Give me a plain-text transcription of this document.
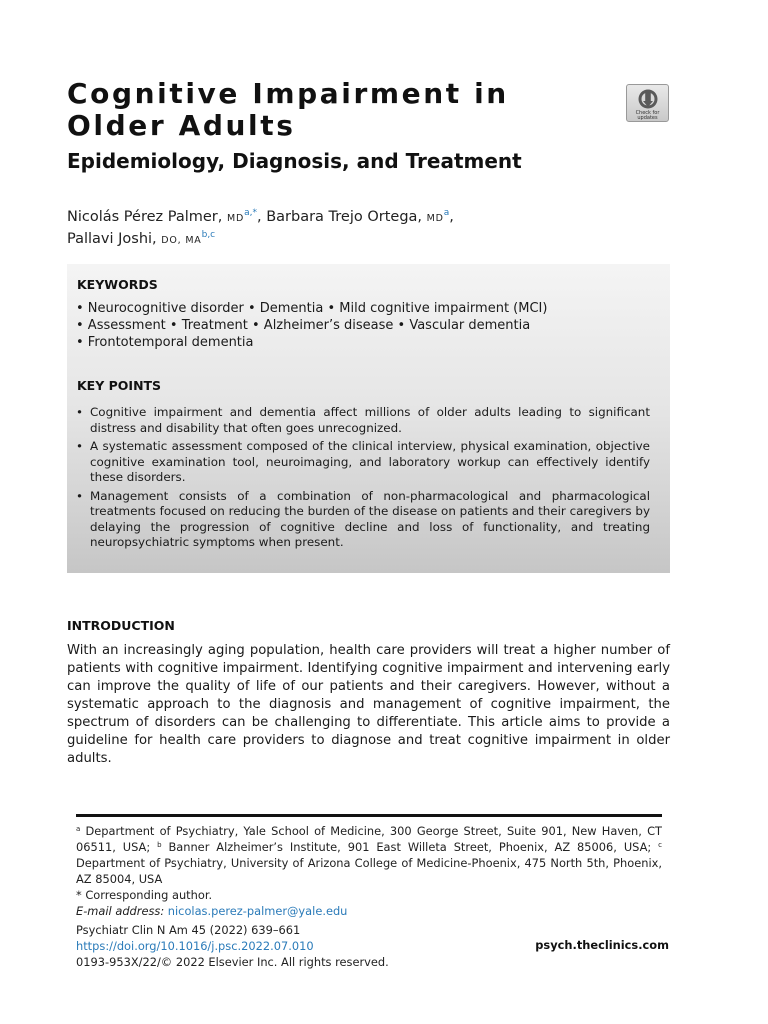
Cognitive Impairment in
Older Adults	Check for updates
Epidemiology, Diagnosis, and Treatment
Nicolás Pérez Palmer, $MD^{a,*}$, Barbara Trejo Ortega, $MD^a$,
Pallavi Joshi, DO, MA$^{b,c}$
KEYWORDS
• Neurocognitive disorder • Dementia • Mild cognitive impairment (MCI)
• Assessment • Treatment • Alzheimer’s disease • Vascular dementia
• Frontotemporal dementia
KEY POINTS
• Cognitive impairment and dementia affect millions of older adults leading to significant distress and disability that often goes unrecognized.
• A systematic assessment composed of the clinical interview, physical examination, objective cognitive examination tool, neuroimaging, and laboratory workup can effectively identify these disorders.
• Management consists of a combination of non-pharmacological and pharmacological treatments focused on reducing the burden of the disease on patients and their caregivers by delaying the progression of cognitive decline and loss of functionality, and treating neuropsychiatric symptoms when present.
INTRODUCTION
With an increasingly aging population, health care providers will treat a higher number of patients with cognitive impairment. Identifying cognitive impairment and intervening early can improve the quality of life of our patients and their caregivers. However, without a systematic approach to the diagnosis and management of cognitive impairment, the spectrum of disorders can be challenging to differentiate. This article aims to provide a guideline for health care providers to diagnose and treat cognitive impairment in older adults.

$^a$ Department of Psychiatry, Yale School of Medicine, 300 George Street, Suite 901, New Haven, CT 06511, USA; $^b$ Banner Alzheimer’s Institute, 901 East Willeta Street, Phoenix, AZ 85006, USA; $^c$ Department of Psychiatry, University of Arizona College of Medicine-Phoenix, 475 North 5th, Phoenix, AZ 85004, USA

* Corresponding author.

E-mail address: nicolas.perez-palmer@yale.edu

Psychiatr Clin N Am 45 (2022) 639–661

https://doi.org/10.1016/j.psc.2022.07.010

0193-953X/22/© 2022 Elsevier Inc. All rights reserved.

psych.theclinics.com
